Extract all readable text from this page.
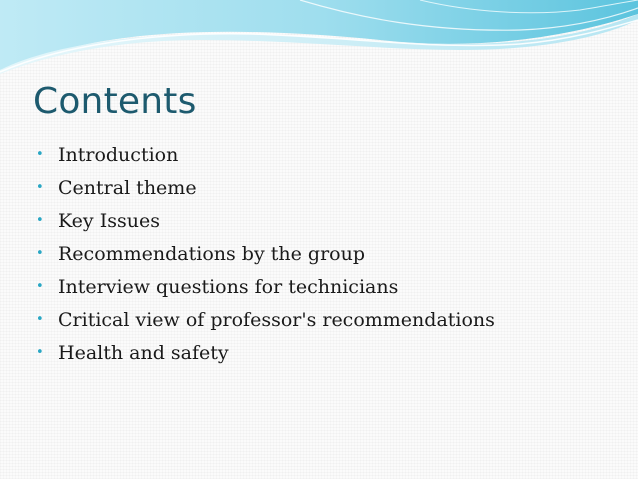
Contents
• Introduction
• Central theme
• Key Issues
• Recommendations by the group
• Interview questions for technicians
• Critical view of professor's recommendations
• Health and safety
